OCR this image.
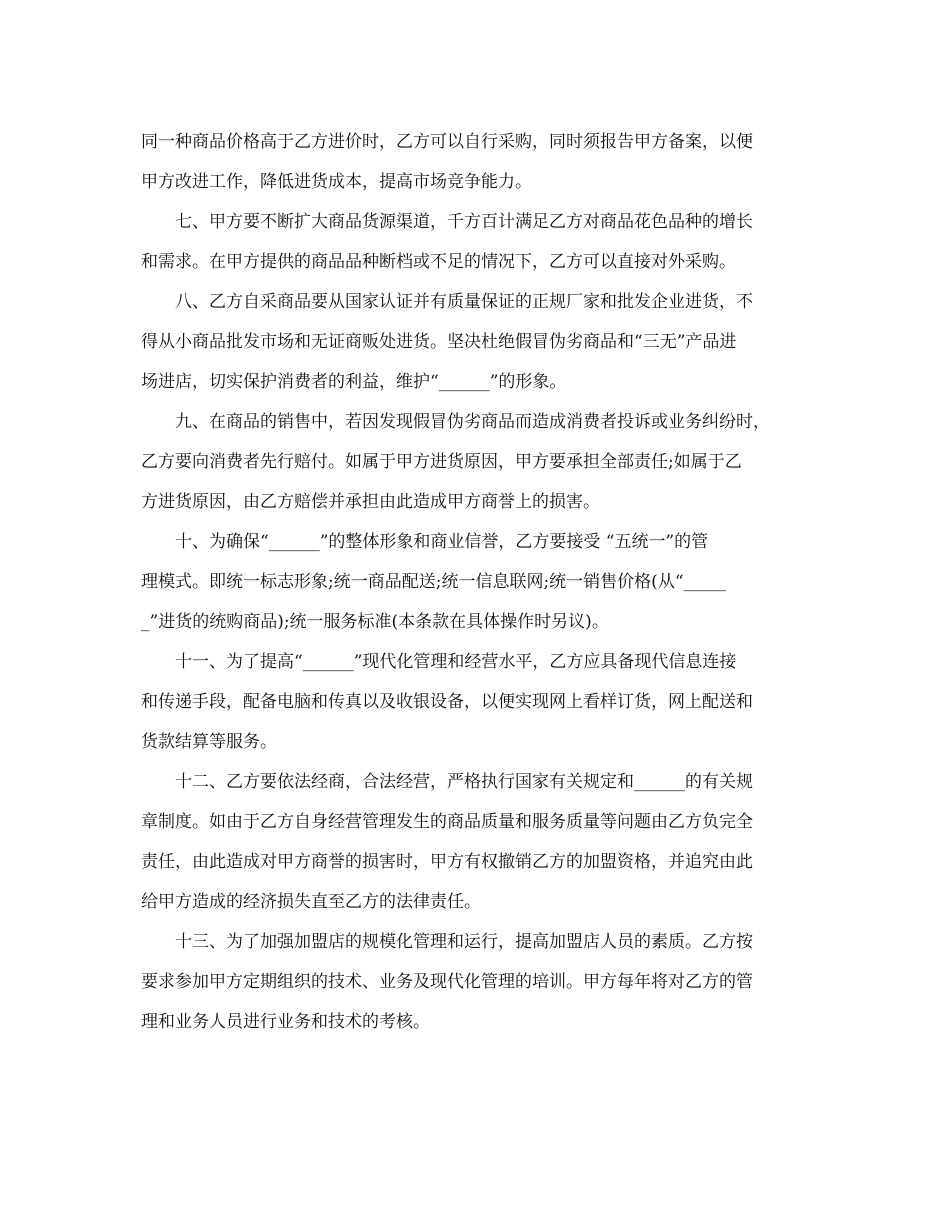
同一种商品价格高于乙方进价时，乙方可以自行采购，同时须报告甲方备案，以便
甲方改进工作，降低进货成本，提高市场竞争能力。
　　七、甲方要不断扩大商品货源渠道，千方百计满足乙方对商品花色品种的增长
和需求。在甲方提供的商品品种断档或不足的情况下，乙方可以直接对外采购。
　　八、乙方自采商品要从国家认证并有质量保证的正规厂家和批发企业进货，不
得从小商品批发市场和无证商贩处进货。坚决杜绝假冒伪劣商品和“三无”产品进
场进店，切实保护消费者的利益，维护“______”的形象。
　　九、在商品的销售中，若因发现假冒伪劣商品而造成消费者投诉或业务纠纷时，
乙方要向消费者先行赔付。如属于甲方进货原因，甲方要承担全部责任;如属于乙
方进货原因，由乙方赔偿并承担由此造成甲方商誉上的损害。
　　十、为确保“______”的整体形象和商业信誉，乙方要接受 “五统一”的管
理模式。即统一标志形象;统一商品配送;统一信息联网;统一销售价格(从“_____
_”进货的统购商品);统一服务标准(本条款在具体操作时另议)。
　　十一、为了提高“______”现代化管理和经营水平，乙方应具备现代信息连接
和传递手段，配备电脑和传真以及收银设备，以便实现网上看样订货，网上配送和
货款结算等服务。
　　十二、乙方要依法经商，合法经营，严格执行国家有关规定和______的有关规
章制度。如由于乙方自身经营管理发生的商品质量和服务质量等问题由乙方负完全
责任，由此造成对甲方商誉的损害时，甲方有权撤销乙方的加盟资格，并追究由此
给甲方造成的经济损失直至乙方的法律责任。
　　十三、为了加强加盟店的规模化管理和运行，提高加盟店人员的素质。乙方按
要求参加甲方定期组织的技术、业务及现代化管理的培训。甲方每年将对乙方的管
理和业务人员进行业务和技术的考核。
